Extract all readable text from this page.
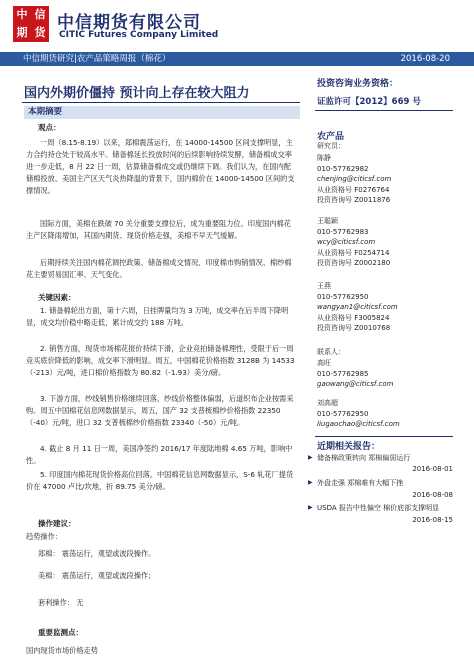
中 信
期 货 中信期货有限公司
CITIC Futures Company Limited
中信期货研究|农产品策略周报（棉花）	2016-08-20
国内外期价僵持 预计向上存在较大阻力
本期摘要
观点：

一周（8.15-8.19）以来，郑棉震荡运行，在 14000-14500 区间支撑明显，主力合约持仓处于较高水平。储备棉延长投放时间的后续影响持续发酵，储备棉成交率进一步走低，8 月 22 日一周，估算储备棉成交或仍继续下调。我们认为，在国内配储棉投放、美国主产区天气炎热降温的背景下，国内棉价在 14000-14500 区间的支撑情况。

国际方面，美棉在跌破 70 关分重要支撑位后，成为重要阻力位。印度国内棉花主产区降雨增加，其国内期货、现货价格走强，美棉不早天气缓解。

后期持续关注国内棉花调控政策、储备棉成交情况、印度棉市购销情况、棉纱棉花主要贸易国汇率、天气变化。

关键因素：

1. 储备棉轮出方面，第十六周，日挂牌量均为 3 万吨，成交率在后半周下降明显，成交均价稳中略走低，累计成交约 188 万吨。

2. 销售方面，现货市场棉花报价持续下滑，企业竞拍储备棉理性，受限于后一周竞买底价降低的影响，成交率下滑明显。周五，中国棉花价格指数 3128B 为 14533（-213）元/吨，进口棉价格指数为 80.82（-1.93）美分/磅。

3. 下游方面，纱线销售价格继续回落，纱线价格整体偏弱，后道织布企业按需采购。周五中国棉花信息网数据显示，周五，国产 32 支普梳棉纱价格指数 22350（-40）元/吨，进口 32 支普梳棉纱价格指数 23340（-50）元/吨。

4. 截止 8 月 11 日一周，美国净签约 2016/17 年度陆地棉 4.65 万吨，影响中性。

5. 印度国内棉花现货价格高位回落。中国棉花信息网数据显示，S-6 轧花厂提货价在 47000 卢比/坎地，折 89.75 美分/磅。

操作建议：
趋势操作：
郑棉： 震荡运行，观望或波段操作。
美棉： 震荡运行，观望或波段操作；
套利操作： 无
重要监测点：
国内现货市场价格走势
投资咨询业务资格：
证监许可【2012】669 号
农产品
研究员：
陈静
010-57762982
chenjing@citicsf.com
从业资格号 F0276764
投资咨询号 Z0011876
王聪颖
010-57762983
wcy@citicsf.com
从业资格号 F0254714
投资咨询号 Z0002180
王燕
010-57762950
wangyan1@citicsf.com
从业资格号 F3005824
投资咨询号 Z0010768
联系人：
高旺
010-57762985
gaowang@citicsf.com
刘高超
010-57762950
liugaochao@citicsf.com
近期相关报告：
▶ 储备棉政策转向 郑棉偏弱运行
2016-08-01
▶ 外盘走强 郑棉难有大幅下挫
2016-08-08
▶ USDA 报告中性偏空 棉价底部支撑明显
2016-08-15
